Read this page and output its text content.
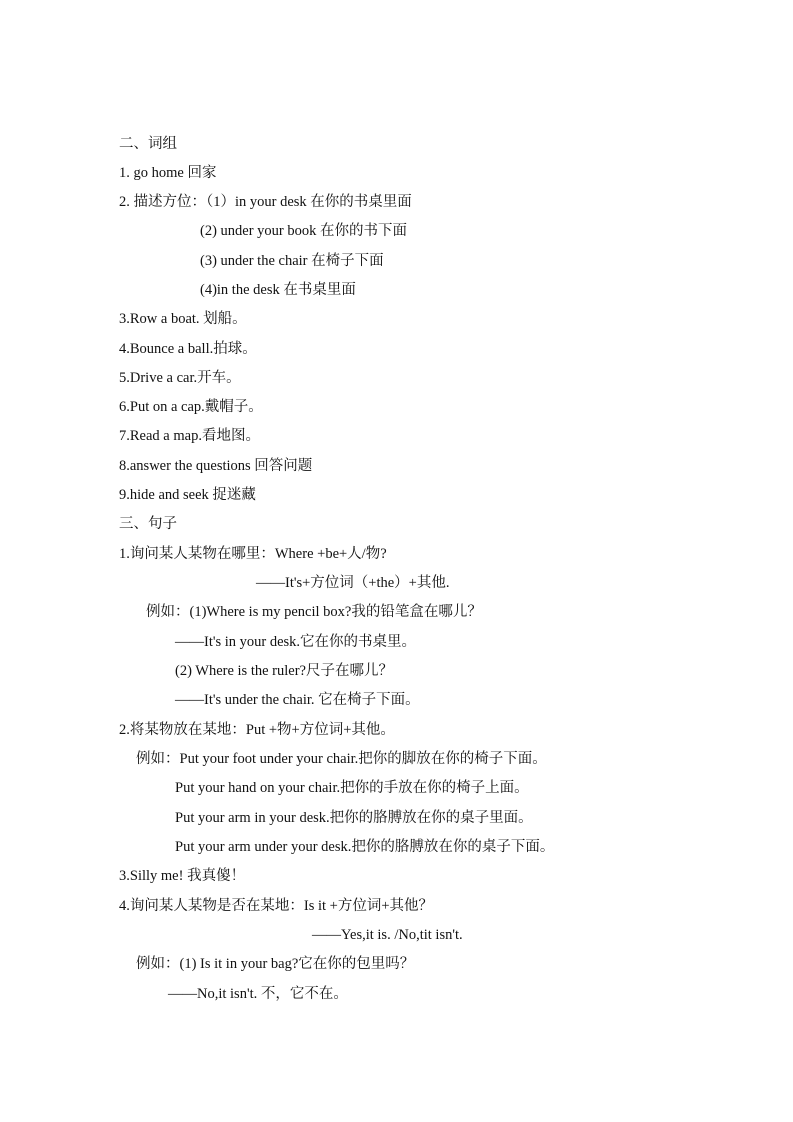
二、词组
1. go home 回家
2. 描述方位：（1）in your desk 在你的书桌里面
(2) under your book 在你的书下面
(3) under the chair 在椅子下面
(4)in the desk 在书桌里面
3.Row a boat. 划船。
4.Bounce a ball.拍球。
5.Drive a car.开车。
6.Put on a cap.戴帽子。
7.Read a map.看地图。
8.answer the questions 回答问题
9.hide and seek 捉迷藏
三、句子
1.询问某人某物在哪里：Where +be+人/物?
——It's+方位词（+the）+其他.
例如：(1)Where is my pencil box?我的铅笔盒在哪儿？
——It's in your desk.它在你的书桌里。
(2) Where is the ruler?尺子在哪儿？
——It's under the chair. 它在椅子下面。
2.将某物放在某地：Put +物+方位词+其他。
例如：Put your foot under your chair.把你的脚放在你的椅子下面。
Put your hand on your chair.把你的手放在你的椅子上面。
Put your arm in your desk.把你的胳膊放在你的桌子里面。
Put your arm under your desk.把你的胳膊放在你的桌子下面。
3.Silly me! 我真傻！
4.询问某人某物是否在某地：Is it +方位词+其他？
——Yes,it is. /No,tit isn't.
例如：(1) Is it in your bag?它在你的包里吗？
——No,it isn't. 不，它不在。
